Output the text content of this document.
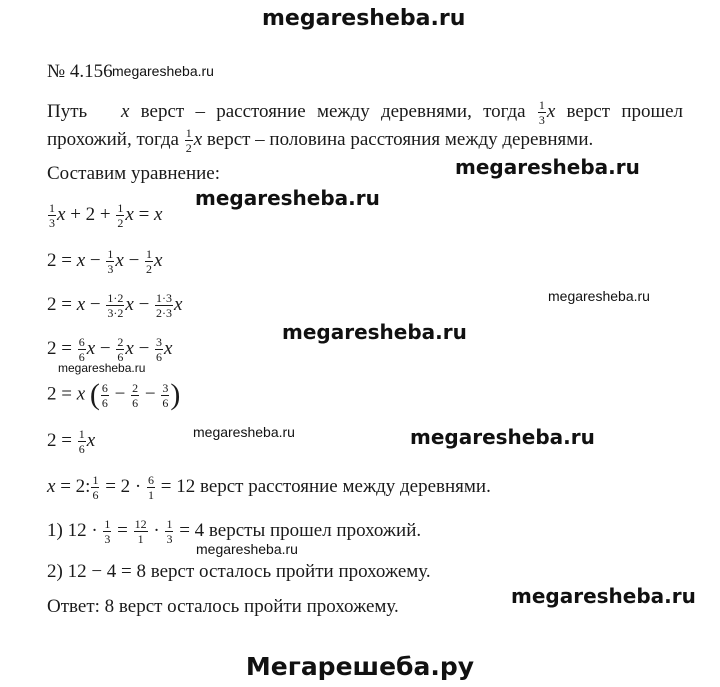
megaresheba.ru
megaresheba.ru
megaresheba.ru
megaresheba.ru
megaresheba.ru
megaresheba.ru
megaresheba.ru
megaresheba.ru	megaresheba.ru
megaresheba.ru
megaresheba.ru
№ 4.156
Путь x верст – расстояние между деревнями, тогда $\frac{1}{3}$ x верст прошел прохожий, тогда $\frac{1}{2}$ x верст – половина расстояния между деревнями.
Составим уравнение:
$\frac{1}{3}$ $x + 2 + \frac{1}{2}$ x = x
$2 = x - \frac{1}{3}$ $x - \frac{1}{2}$ x
$2 = x - \frac{1\cdot 2}{3\cdot 2}$ $x - \frac{1\cdot 3}{2\cdot 3}$ x
$2 = \frac{6}{6}$ $x - \frac{2}{6}$ $x - \frac{3}{6}$ x
2 = x ( $\frac{6}{6} - \frac{2}{6} - \frac{3}{6}$ )
$2 = \frac{1}{6}$ x
x = 2: $\frac{1}{6} = 2 \cdot \frac{6}{1} = 12$ верст расстояние между деревнями.
1) $12 \cdot \frac{1}{3} = \frac{12}{1} \cdot \frac{1}{3} = 4$ версты прошел прохожий.
2) 12 − 4 = 8 верст осталось пройти прохожему.
Ответ: 8 верст осталось пройти прохожему.
Мегарешеба.ру
